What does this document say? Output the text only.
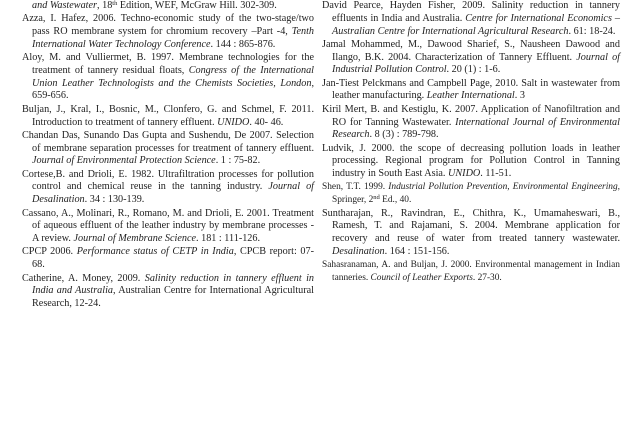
and Wastewater, 18th Edition, WEF, McGraw Hill. 302-309.

Azza, I. Hafez, 2006. Techno-economic study of the two-stage/two pass RO membrane system for chromium recovery –Part -4, Tenth International Water Technology Conference. 144 : 865-876.

Aloy, M. and Vulliermet, B. 1997. Membrane technologies for the treatment of tannery residual floats, Congress of the International Union Leather Technologists and the Chemists Societies, London, 659-656.

Buljan, J., Kral, I., Bosnic, M., Clonfero, G. and Schmel, F. 2011. Introduction to treatment of tannery effluent. UNIDO. 40- 46.

Chandan Das, Sunando Das Gupta and Sushendu, De 2007. Selection of membrane separation processes for treatment of tannery effluent. Journal of Environmental Protection Science. 1 : 75-82.

Cortese,B. and Drioli, E. 1982. Ultrafiltration processes for pollution control and chemical reuse in the tanning industry. Journal of Desalination. 34 : 130-139.

Cassano, A., Molinari, R., Romano, M. and Drioli, E. 2001. Treatment of aqueous effluent of the leather industry by membrane processes - A review. Journal of Membrane Science. 181 : 111-126.

CPCP 2006. Performance status of CETP in India, CPCB report: 07-68.

Catherine, A. Money, 2009. Salinity reduction in tannery effluent in India and Australia, Australian Centre for International Agricultural Research, 12-24.

David Pearce, Hayden Fisher, 2009. Salinity reduction in tannery effluents in India and Australia. Centre for International Economics –Australian Centre for International Agricultural Research. 61: 18-24.

Jamal Mohammed, M., Dawood Sharief, S., Nausheen Dawood and Ilango, B.K. 2004. Characterization of Tannery Effluent. Journal of Industrial Pollution Control. 20 (1) : 1-6.

Jan-Tiest Pelckmans and Campbell Page, 2010. Salt in wastewater from leather manufacturing. Leather International. 3

Kiril Mert, B. and Kestiglu, K. 2007. Application of Nanofiltration and RO for Tanning Wastewater. International Journal of Environmental Research. 8 (3) : 789-798.

Ludvik, J. 2000. the scope of decreasing pollution loads in leather processing. Regional program for Pollution Control in Tanning industry in South East Asia. UNIDO. 11-51.

Shen, T.T. 1999. Industrial Pollution Prevention, Environmental Engineering, Springer, 2nd Ed., 40.

Suntharajan, R., Ravindran, E., Chithra, K., Umamaheswari, B., Ramesh, T. and Rajamani, S. 2004. Membrane application for recovery and reuse of water from treated tannery wastewater. Desalination. 164 : 151-156.

Sahasranaman, A. and Buljan, J. 2000. Environmental management in Indian tanneries. Council of Leather Exports. 27-30.
